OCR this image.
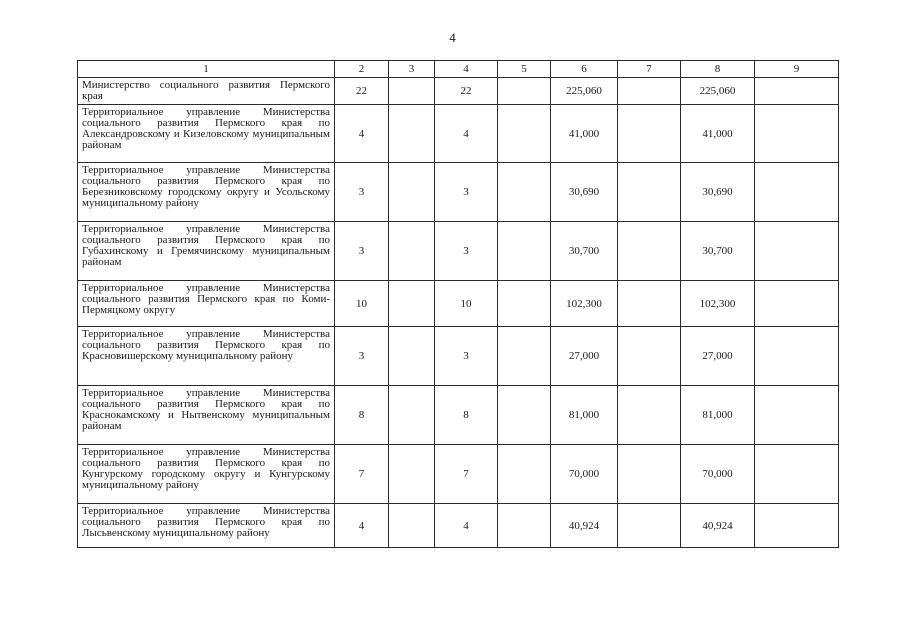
4
1	2	3	4	5	6	7	8	9
Министерство социального развития Пермского края	22		22		225,060		225,060	
Территориальное управление Министерства социального развития Пермского края по Александровскому и Кизеловскому муниципальным районам	4		4		41,000		41,000	
Территориальное управление Министерства социального развития Пермского края по Березниковскому городскому округу и Усольскому муниципальному району	3		3		30,690		30,690	
Территориальное управление Министерства социального развития Пермского края по Губахинскому и Гремячинскому муниципальным районам	3		3		30,700		30,700	
Территориальное управление Министерства социального развития Пермского края по Коми-Пермяцкому округу	10		10		102,300		102,300	
Территориальное управление Министерства социального развития Пермского края по Красновишерскому муниципальному району	3		3		27,000		27,000	
Территориальное управление Министерства социального развития Пермского края по Краснокамскому и Нытвенскому муниципальным районам	8		8		81,000		81,000	
Территориальное управление Министерства социального развития Пермского края по Кунгурскому городскому округу и Кунгурскому муниципальному району	7		7		70,000		70,000	
Территориальное управление Министерства социального развития Пермского края по Лысьвенскому муниципальному району	4		4		40,924		40,924	
